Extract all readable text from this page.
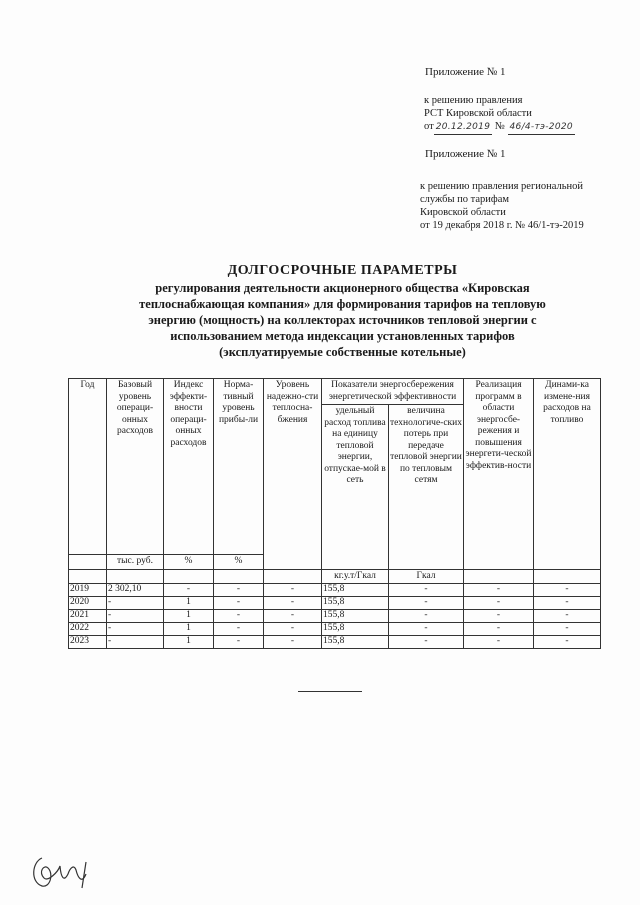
Приложение № 1
к решению правления
РСТ Кировской области
от 20.12.2019 № 46/4-тэ-2020
Приложение № 1
к решению правления региональной
службы по тарифам
Кировской области
от 19 декабря 2018 г. № 46/1-тэ-2019
ДОЛГОСРОЧНЫЕ ПАРАМЕТРЫ
регулирования деятельности акционерного общества «Кировская
теплоснабжающая компания» для формирования тарифов на тепловую
энергию (мощность) на коллекторах источников тепловой энергии с
использованием метода индексации установленных тарифов
(эксплуатируемые собственные котельные)
Год	Базовый уровень операци-онных расходов	Индекс эффекти-вности операци-онных расходов	Норма-тивный уровень прибы-ли	Уровень надежно-сти теплосна-бжения	Показатели энергосбережения энергетической эффективности		Реализация программ в области энергосбе-режения и повышения энергети-ческой эффектив-ности	Динами-ка измене-ния расходов на топливо

					удельный расход топлива на единицу тепловой энергии, отпускае-мой в сеть	величина технологиче-ских потерь при передаче тепловой энергии по тепловым сетям		

	тыс. руб.	%	%					
					кг.у.т/Гкал	Гкал		
2019	2 302,10	-	-	-	155,8	-	-	-
2020	-	1	-	-	155,8	-	-	-
2021	-	1	-	-	155,8	-	-	-
2022	-	1	-	-	155,8	-	-	-
2023	-	1	-	-	155,8	-	-	-
